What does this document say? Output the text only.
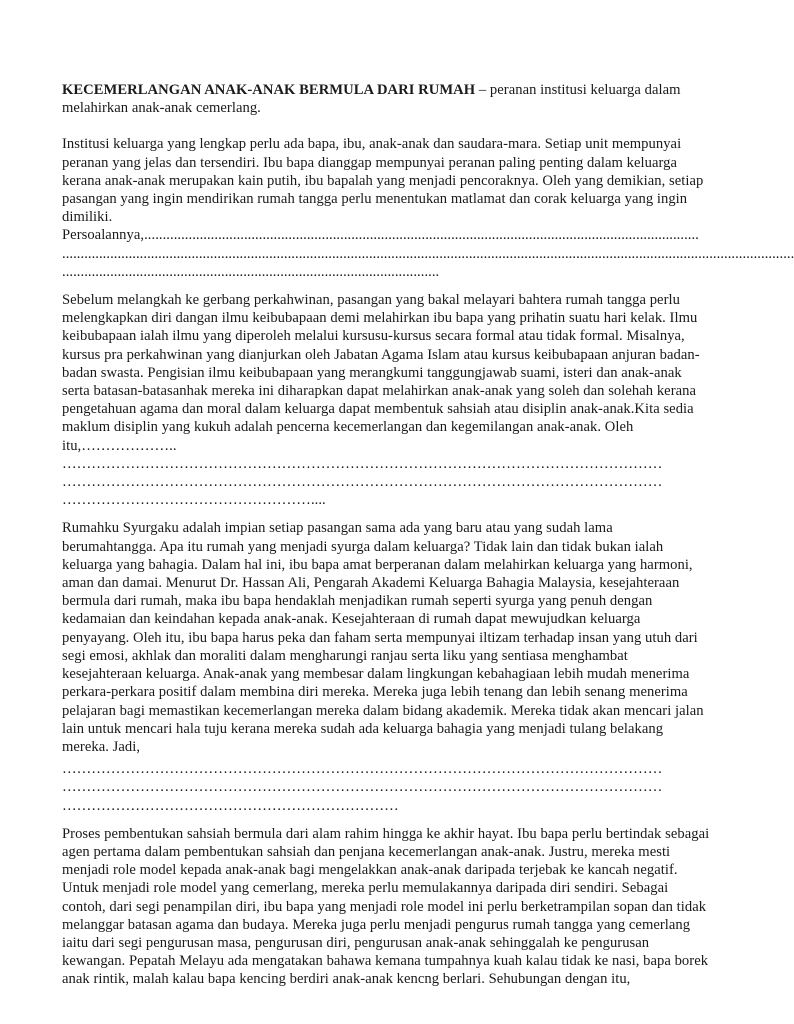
KECEMERLANGAN ANAK-ANAK BERMULA DARI RUMAH – peranan institusi keluarga dalam melahirkan anak-anak cemerlang.

Institusi keluarga yang lengkap perlu ada bapa, ibu, anak-anak dan saudara-mara. Setiap unit mempunyai peranan yang jelas dan tersendiri. Ibu bapa dianggap mempunyai peranan paling penting dalam keluarga kerana anak-anak merupakan kain putih, ibu bapalah yang menjadi pencoraknya. Oleh yang demikian, setiap pasangan yang ingin mendirikan rumah tangga perlu menentukan matlamat dan corak keluarga yang ingin dimiliki.

Persoalannya,......................................................................................................................................................
......................................................................................................................................................................................................
......................................................................................................

Sebelum melangkah ke gerbang perkahwinan, pasangan yang bakal melayari bahtera rumah tangga perlu melengkapkan diri dangan ilmu keibubapaan demi melahirkan ibu bapa yang prihatin suatu hari kelak. Ilmu keibubapaan ialah ilmu yang diperoleh melalui kursusu-kursus secara formal atau tidak formal. Misalnya, kursus pra perkahwinan yang dianjurkan oleh Jabatan Agama Islam atau kursus keibubapaan anjuran badan-badan swasta. Pengisian ilmu keibubapaan yang merangkumi tanggungjawab suami, isteri dan anak-anak serta batasan-batasanhak mereka ini diharapkan dapat melahirkan anak-anak yang soleh dan solehah kerana pengetahuan agama dan moral dalam keluarga dapat membentuk sahsiah atau disiplin anak-anak.Kita sedia maklum disiplin yang kukuh adalah pencerna kecemerlangan dan kegemilangan anak-anak. Oleh itu,………………..

……………………………………………………………………………………………………………
……………………………………………………………………………………………………………
……………………………………………....

Rumahku Syurgaku adalah impian setiap pasangan sama ada yang baru atau yang sudah lama berumahtangga. Apa itu rumah yang menjadi syurga dalam keluarga? Tidak lain dan tidak bukan ialah keluarga yang bahagia. Dalam hal ini, ibu bapa amat berperanan dalam melahirkan keluarga yang harmoni, aman dan damai. Menurut Dr. Hassan Ali, Pengarah Akademi Keluarga Bahagia Malaysia, kesejahteraan bermula dari rumah, maka ibu bapa hendaklah menjadikan rumah seperti syurga yang penuh dengan kedamaian dan keindahan kepada anak-anak. Kesejahteraan di rumah dapat mewujudkan keluarga penyayang. Oleh itu, ibu bapa harus peka dan faham serta mempunyai iltizam terhadap insan yang utuh dari segi emosi, akhlak dan moraliti dalam mengharungi ranjau serta liku yang sentiasa menghambat kesejahteraan keluarga. Anak-anak yang membesar dalam lingkungan kebahagiaan lebih mudah menerima perkara-perkara positif dalam membina diri mereka. Mereka juga lebih tenang dan lebih senang menerima pelajaran bagi memastikan kecemerlangan mereka dalam bidang akademik. Mereka tidak akan mencari jalan lain untuk mencari hala tuju kerana mereka sudah ada keluarga bahagia yang menjadi tulang belakang mereka. Jadi,

……………………………………………………………………………………………………………
……………………………………………………………………………………………………………
……………………………………………………………

Proses pembentukan sahsiah bermula dari alam rahim hingga ke akhir hayat. Ibu bapa perlu bertindak sebagai agen pertama dalam pembentukan sahsiah dan penjana kecemerlangan anak-anak. Justru, mereka mesti menjadi role model kepada anak-anak bagi mengelakkan anak-anak daripada terjebak ke kancah negatif. Untuk menjadi role model yang cemerlang, mereka perlu memulakannya daripada diri sendiri. Sebagai contoh, dari segi penampilan diri, ibu bapa yang menjadi role model ini perlu berketrampilan sopan dan tidak melanggar batasan agama dan budaya. Mereka juga perlu menjadi pengurus rumah tangga yang cemerlang iaitu dari segi pengurusan masa, pengurusan diri, pengurusan anak-anak sehinggalah ke pengurusan kewangan. Pepatah Melayu ada mengatakan bahawa kemana tumpahnya kuah kalau tidak ke nasi, bapa borek anak rintik, malah kalau bapa kencing berdiri anak-anak kencng berlari. Sehubungan dengan itu,
